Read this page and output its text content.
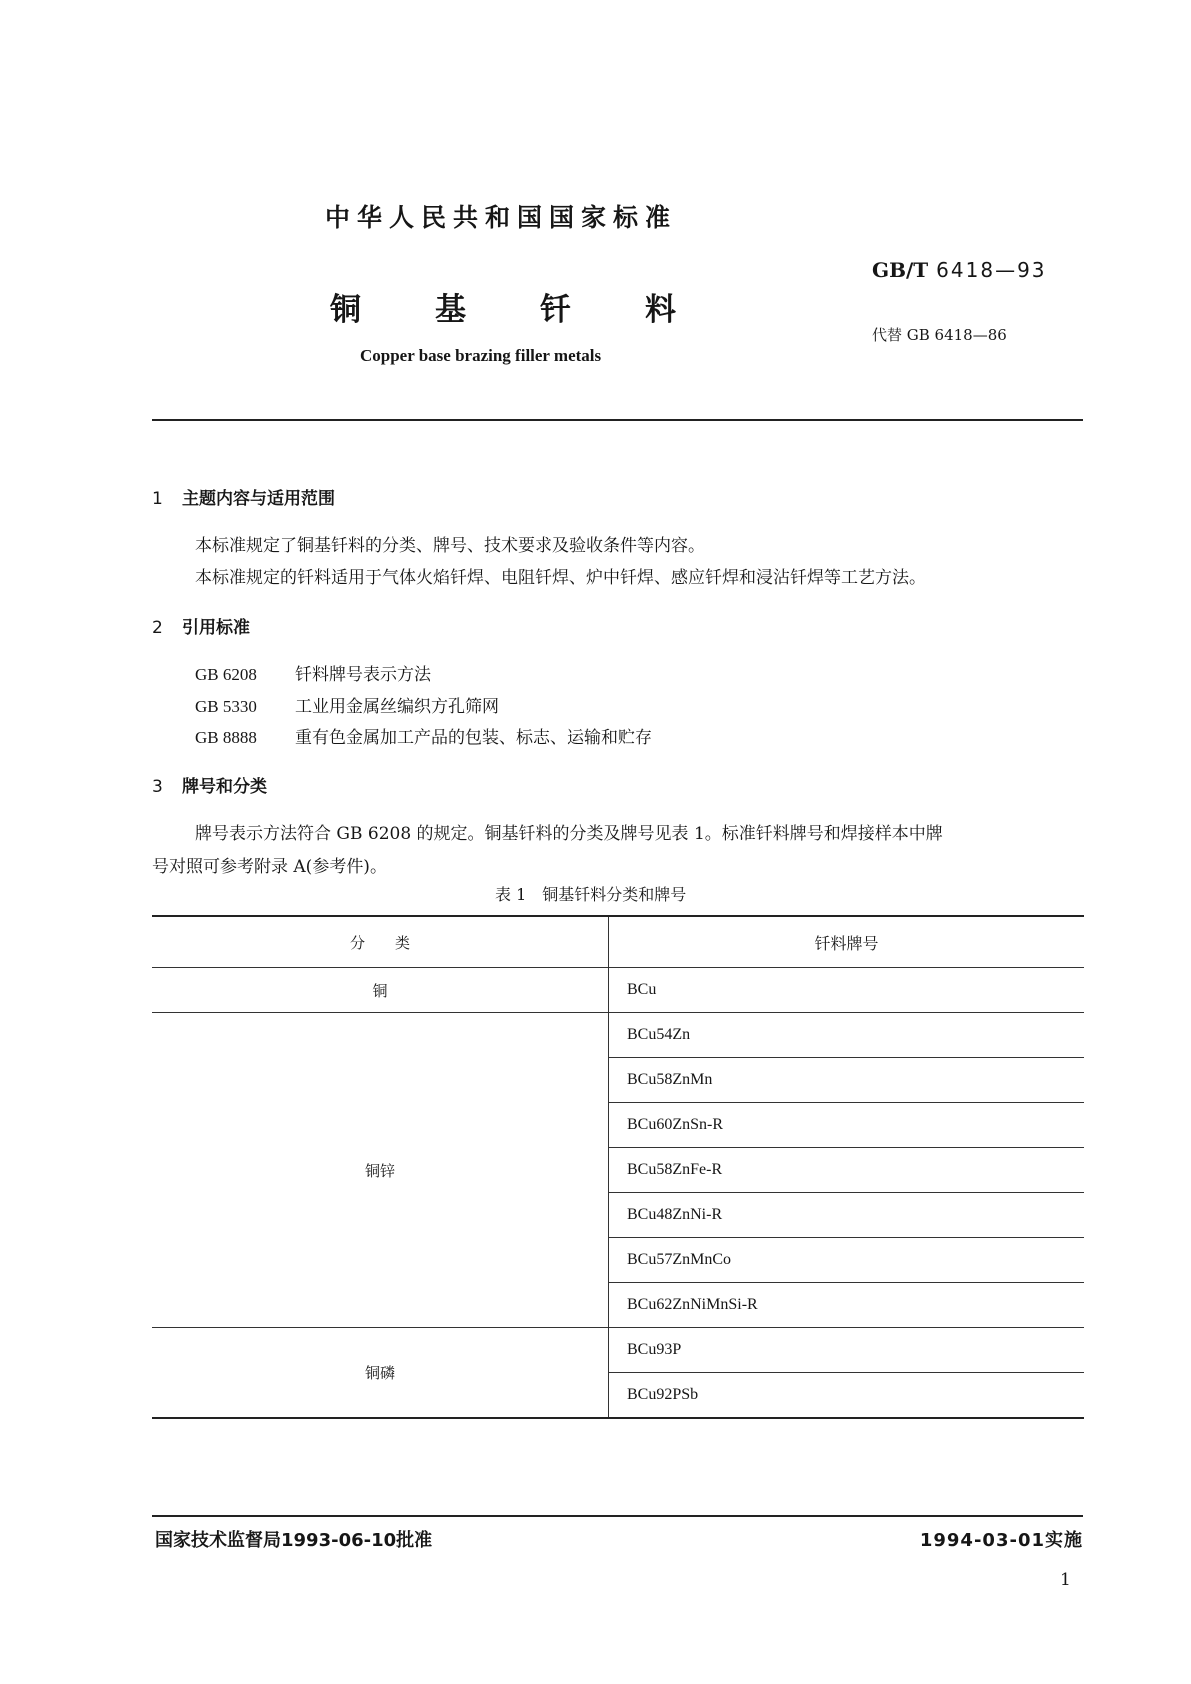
中华人民共和国国家标准
铜 基 钎 料
GB/T 6418—93
代替 GB 6418—86
Copper base brazing filler metals
1 主题内容与适用范围
本标准规定了铜基钎料的分类、牌号、技术要求及验收条件等内容。
本标准规定的钎料适用于气体火焰钎焊、电阻钎焊、炉中钎焊、感应钎焊和浸沾钎焊等工艺方法。
2 引用标准
GB 6208 钎料牌号表示方法
GB 5330 工业用金属丝编织方孔筛网
GB 8888 重有色金属加工产品的包装、标志、运输和贮存
3 牌号和分类
牌号表示方法符合 GB 6208 的规定。铜基钎料的分类及牌号见表 1。标准钎料牌号和焊接样本中牌
号对照可参考附录 A(参考件)。
表 1　铜基钎料分类和牌号
分　　类	钎料牌号
铜	BCu
铜锌	BCu54Zn
	BCu58ZnMn
	BCu60ZnSn-R
	BCu58ZnFe-R
	BCu48ZnNi-R
	BCu57ZnMnCo
	BCu62ZnNiMnSi-R
铜磷	BCu93P
	BCu92PSb
国家技术监督局1993-06-10批准	1994-03-01实施
1
